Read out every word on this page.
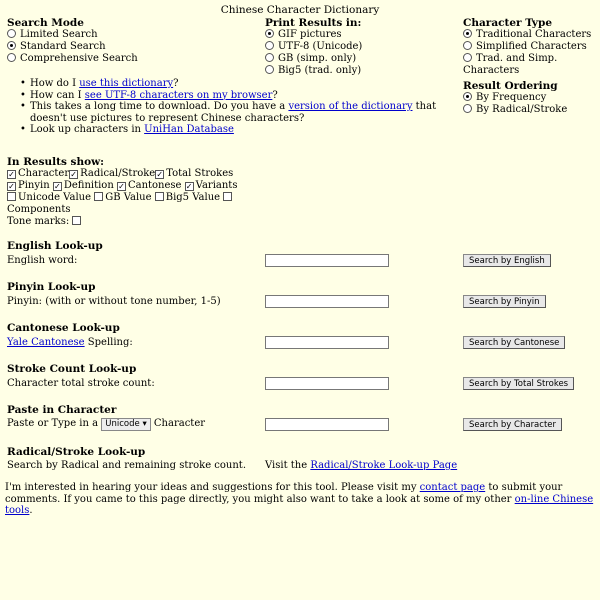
Chinese Character Dictionary
Search Mode
Limited Search
Standard Search
Comprehensive Search
Print Results in:
GIF pictures
UTF-8 (Unicode)
GB (simp. only)
Big5 (trad. only)
Character Type
Traditional Characters
Simplified Characters
Trad. and Simp. Characters
Result Ordering
By Frequency
By Radical/Stroke
• How do I use this dictionary?
• How can I see UTF-8 characters on my browser?
• This takes a long time to download. Do you have a version of the dictionary that doesn't use pictures to represent Chinese characters?
• Look up characters in UniHan Database
In Results show:
✓ Character✓ Radical/Stroke✓ Total Strokes
✓ Pinyin ✓ Definition ✓ Cantonese ✓ Variants
Unicode Value GB Value Big5 Value
Components
Tone marks:
English Look-up
English word:	Search by English
Pinyin Look-up
Pinyin: (with or without tone number, 1-5)	Search by Pinyin
Cantonese Look-up
Yale Cantonese Spelling:	Search by Cantonese
Stroke Count Look-up
Character total stroke count:	Search by Total Strokes
Paste in Character
Paste or Type in a Unicode ▾ Character	Search by Character
Radical/Stroke Look-up
Search by Radical and remaining stroke count. Visit the Radical/Stroke Look-up Page
I'm interested in hearing your ideas and suggestions for this tool. Please visit my contact page to submit your comments. If you came to this page directly, you might also want to take a look at some of my other on-line Chinese tools.
